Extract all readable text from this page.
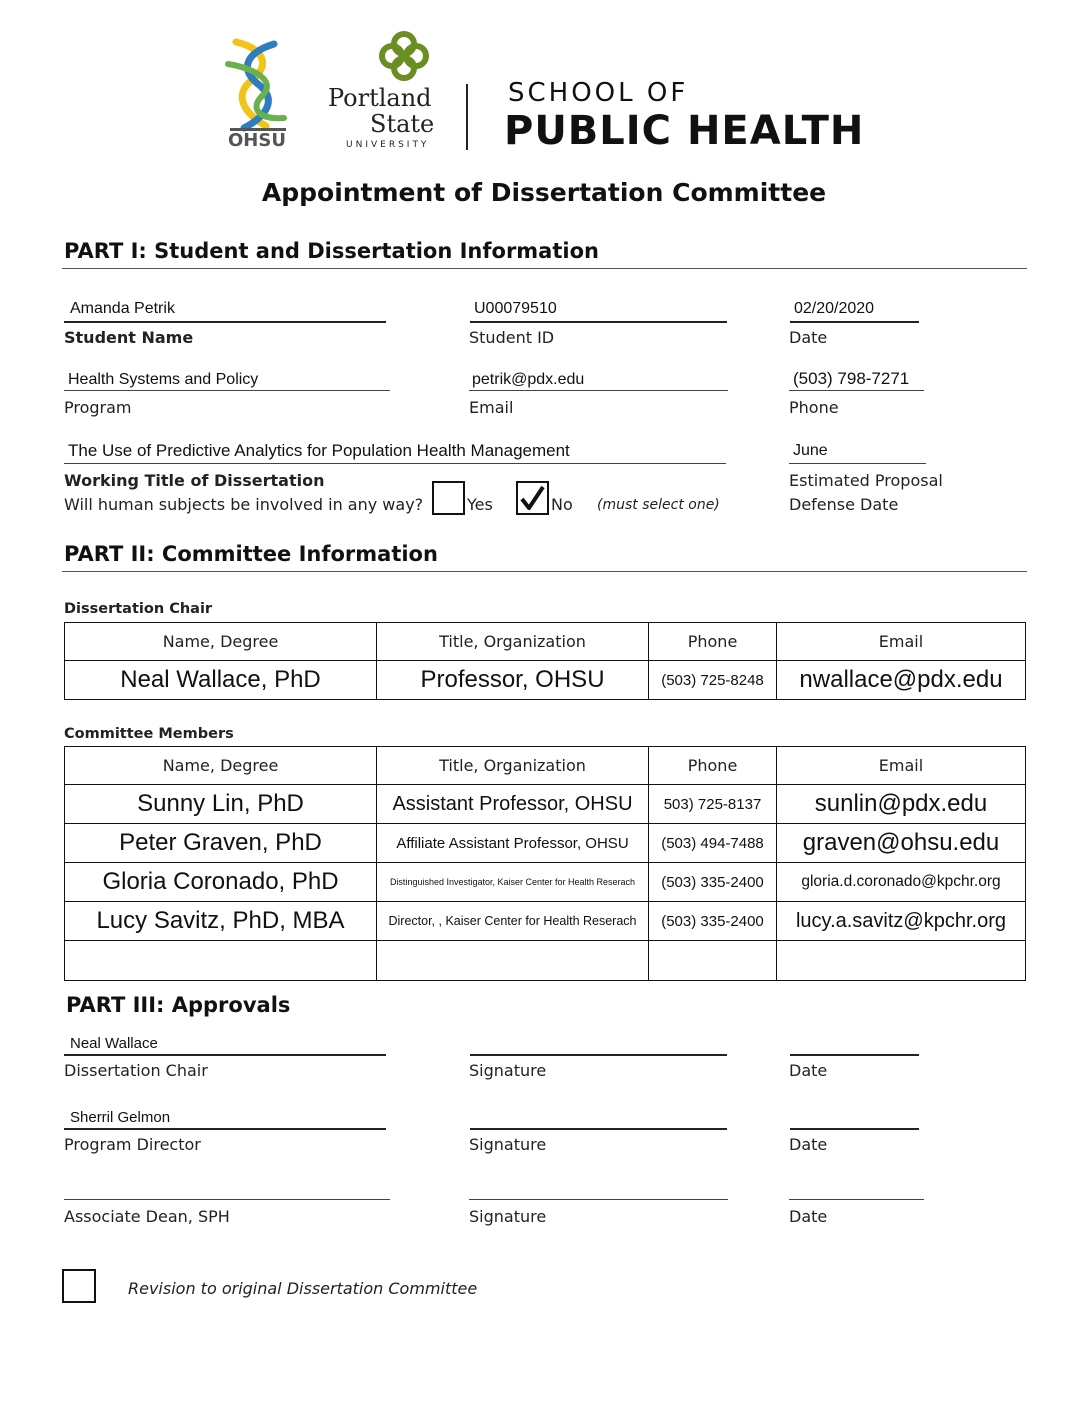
OHSU
Portland
State
UNIVERSITY
SCHOOL OF
PUBLIC HEALTH
Appointment of Dissertation Committee
PART I: Student and Dissertation Information
Amanda Petrik
Student Name
U00079510
Student ID
02/20/2020
Date
Health Systems and Policy
Program
petrik@pdx.edu
Email
(503) 798-7271
Phone
The Use of Predictive Analytics for Population Health Management
Working Title of Dissertation
June
Estimated Proposal
Defense Date
Will human subjects be involved in any way?	Yes	No (must select one)
PART II: Committee Information
Dissertation Chair
Name, Degree	Title, Organization	Phone	Email
Neal Wallace, PhD	Professor, OHSU	(503) 725-8248	nwallace@pdx.edu
Committee Members
Name, Degree	Title, Organization	Phone	Email
Sunny Lin, PhD	Assistant Professor, OHSU	503) 725-8137	sunlin@pdx.edu
Peter Graven, PhD	Affiliate Assistant Professor, OHSU	(503) 494-7488	graven@ohsu.edu
Gloria Coronado, PhD	Distinguished Investigator, Kaiser Center for Health Reserach	(503) 335-2400	gloria.d.coronado@kpchr.org
Lucy Savitz, PhD, MBA	Director, , Kaiser Center for Health Reserach	(503) 335-2400	lucy.a.savitz@kpchr.org

PART III: Approvals
Neal Wallace
Dissertation Chair	Signature	Date
Sherril Gelmon
Program Director	Signature	Date
Associate Dean, SPH	Signature	Date
Revision to original Dissertation Committee
